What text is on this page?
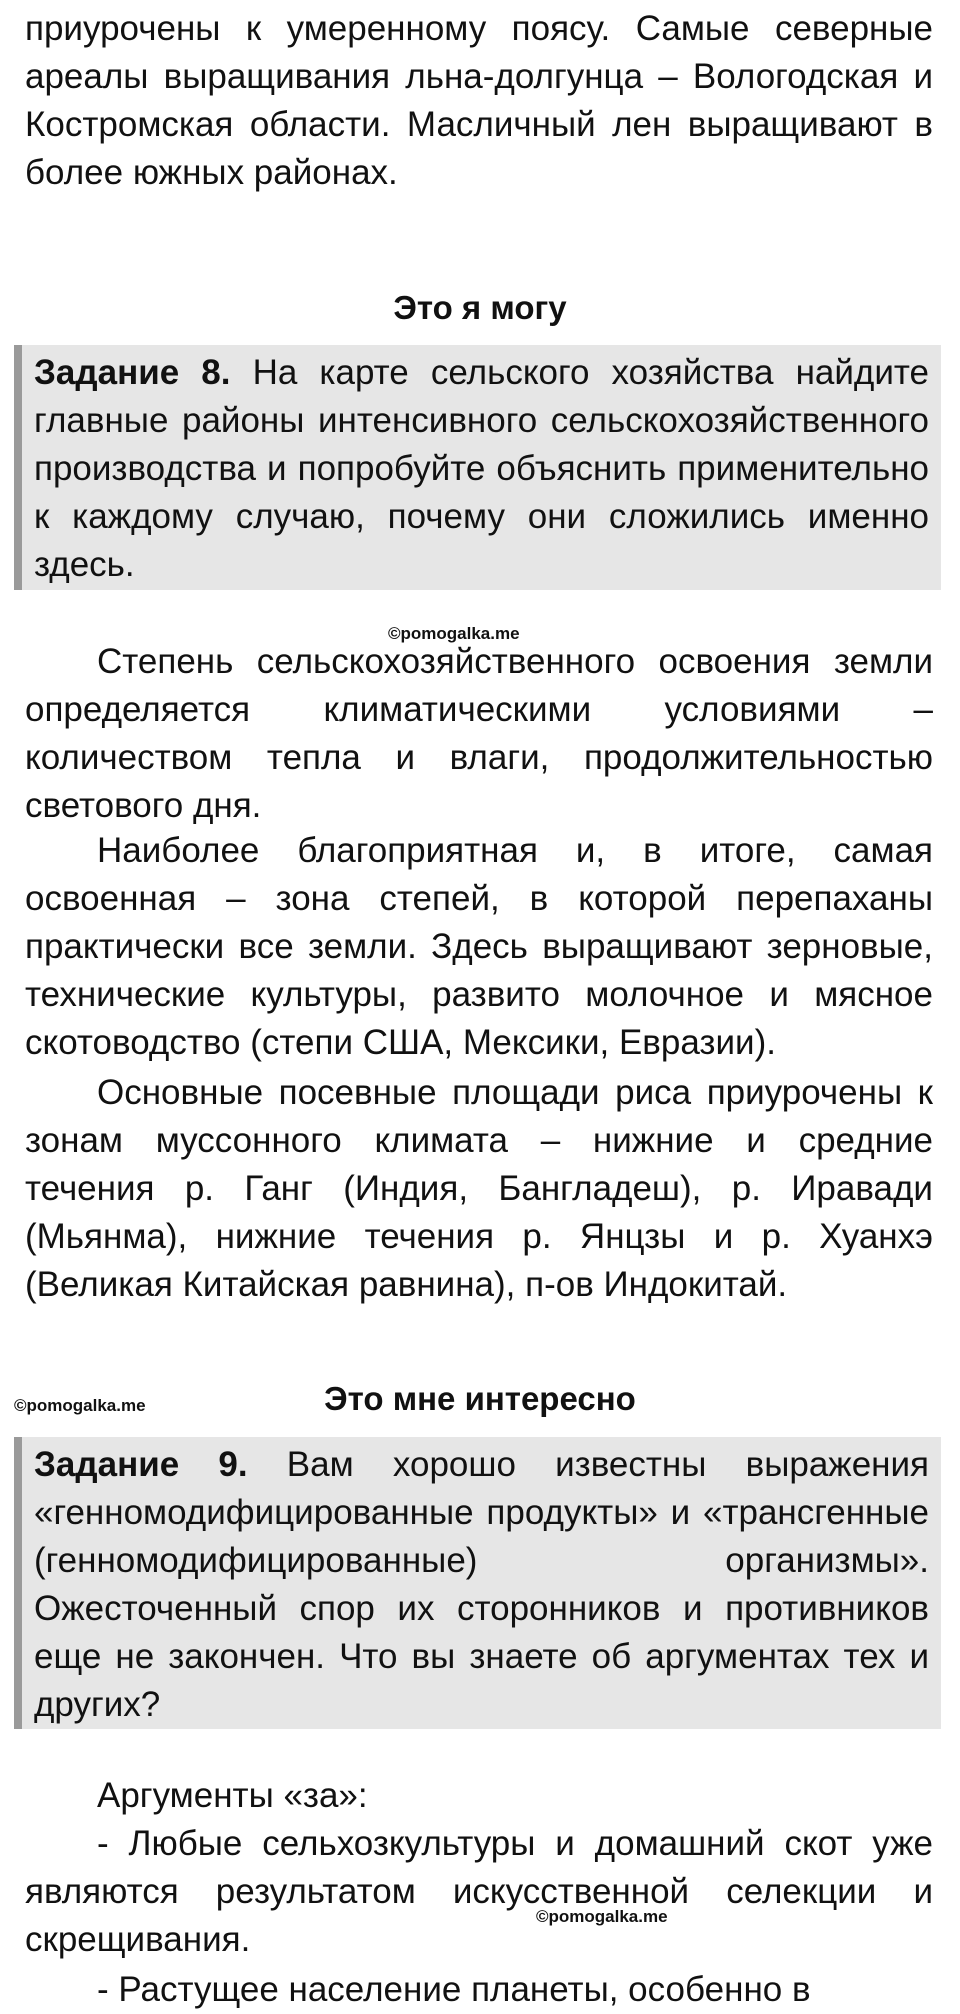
приурочены к умеренному поясу. Самые северные ареалы выращивания льна-долгунца – Вологодская и Костромская области. Масличный лен выращивают в более южных районах.

Это я могу

Задание 8. На карте сельского хозяйства найдите главные районы интенсивного сельскохозяйственного производства и попробуйте объяснить применительно к каждому случаю, почему они сложились именно здесь.

©pomogalka.me

Степень сельскохозяйственного освоения земли определяется климатическими условиями – количеством тепла и влаги, продолжительностью светового дня.

Наиболее благоприятная и, в итоге, самая освоенная – зона степей, в которой перепаханы практически все земли. Здесь выращивают зерновые, технические культуры, развито молочное и мясное скотоводство (степи США, Мексики, Евразии).

Основные посевные площади риса приурочены к зонам муссонного климата – нижние и средние течения р. Ганг (Индия, Бангладеш), р. Иравади (Мьянма), нижние течения р. Янцзы и р. Хуанхэ (Великая Китайская равнина), п-ов Индокитай.

©pomogalka.me	Это мне интересно

Задание 9. Вам хорошо известны выражения «генномодифицированные продукты» и «трансгенные (генномодифицированные) организмы». Ожесточенный спор их сторонников и противников еще не закончен. Что вы знаете об аргументах тех и других?

Аргументы «за»:

- Любые сельхозкультуры и домашний скот уже являются результатом искусственной селекции и скрещивания.

©pomogalka.me

- Растущее население планеты, особенно в
